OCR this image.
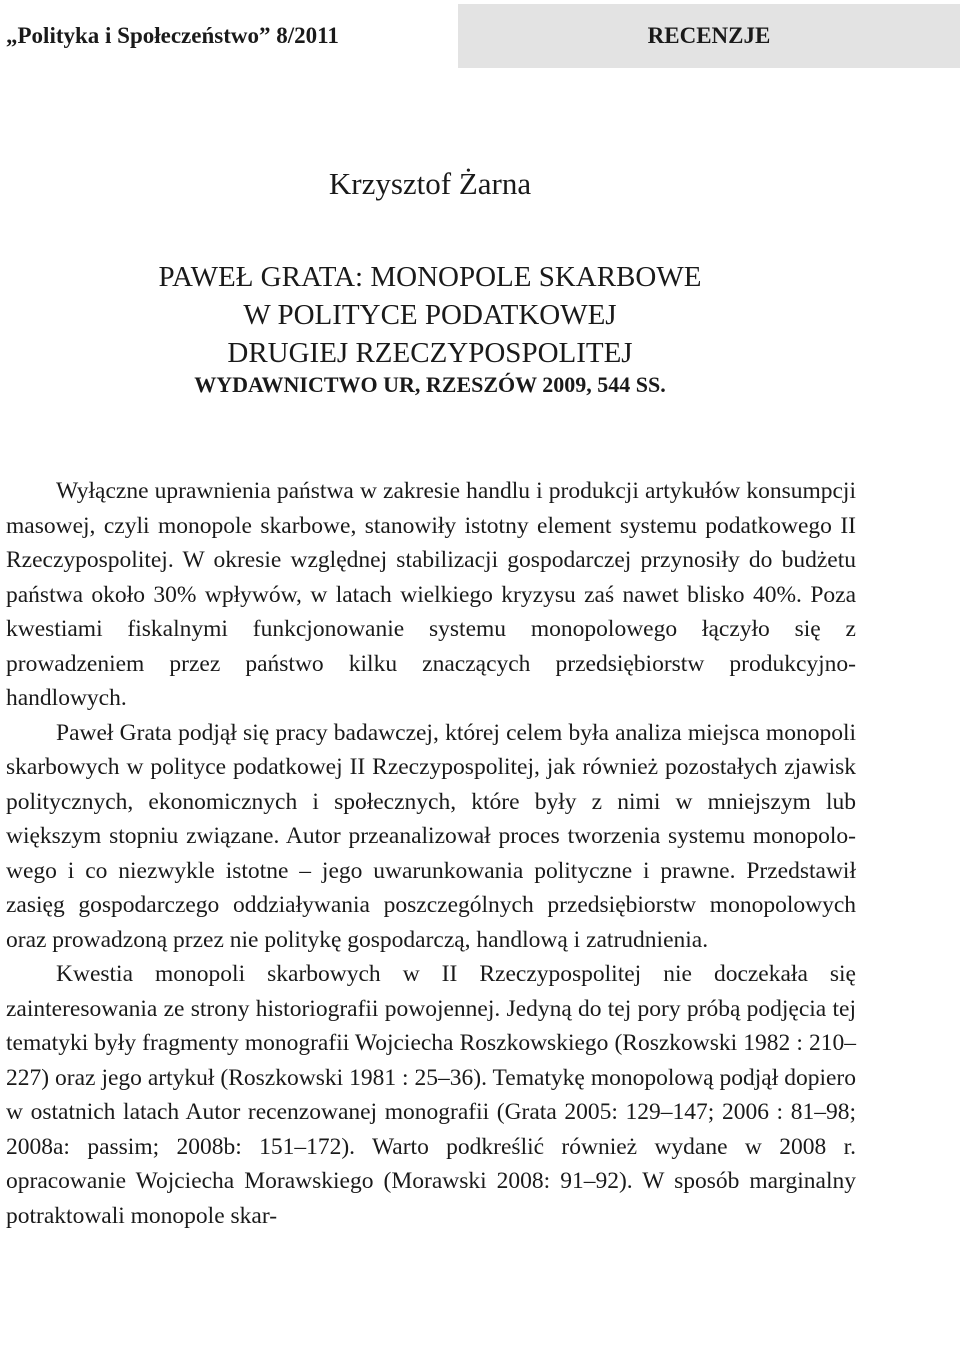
„Polityka i Społeczeństwo” 8/2011	RECENZJE
Krzysztof Żarna
PAWEŁ GRATA: MONOPOLE SKARBOWE
W POLITYCE PODATKOWEJ
DRUGIEJ RZECZYPOSPOLITEJ
WYDAWNICTWO UR, RZESZÓW 2009, 544 SS.

Wyłączne uprawnienia państwa w zakresie handlu i produkcji artykułów konsumpcji masowej, czyli monopole skarbowe, stanowiły istotny element systemu podatkowego II Rzeczypospolitej. W okresie względnej stabilizacji gospodarczej przynosiły do budżetu państwa około 30% wpływów, w latach wielkiego kryzysu zaś nawet blisko 40%. Poza kwestiami fiskalnymi funkcjonowanie systemu monopolowego łączyło się z prowadzeniem przez państwo kilku znaczących przedsiębiorstw produkcyjno-handlowych.

Paweł Grata podjął się pracy badawczej, której celem była analiza miejsca monopoli skarbowych w polityce podatkowej II Rzeczypospolitej, jak również pozostałych zjawisk politycznych, ekonomicznych i społecznych, które były z nimi w mniejszym lub większym stopniu związane. Autor przeanalizował proces tworzenia systemu monopolowego i co niezwykle istotne – jego uwarunkowania polityczne i prawne. Przedstawił zasięg gospodarczego oddziaływania poszczególnych przedsiębiorstw monopolowych oraz prowadzoną przez nie politykę gospodarczą, handlową i zatrudnienia.

Kwestia monopoli skarbowych w II Rzeczypospolitej nie doczekała się zainteresowania ze strony historiografii powojennej. Jedyną do tej pory próbą podjęcia tej tematyki były fragmenty monografii Wojciecha Roszkowskiego (Roszkowski 1982 : 210–227) oraz jego artykuł (Roszkowski 1981 : 25–36). Tematykę monopolową podjął dopiero w ostatnich latach Autor recenzowanej monografii (Grata 2005: 129–147; 2006 : 81–98; 2008a: passim; 2008b: 151–172). Warto podkreślić również wydane w 2008 r. opracowanie Wojciecha Morawskiego (Morawski 2008: 91–92). W sposób marginalny potraktowali monopole skar-
